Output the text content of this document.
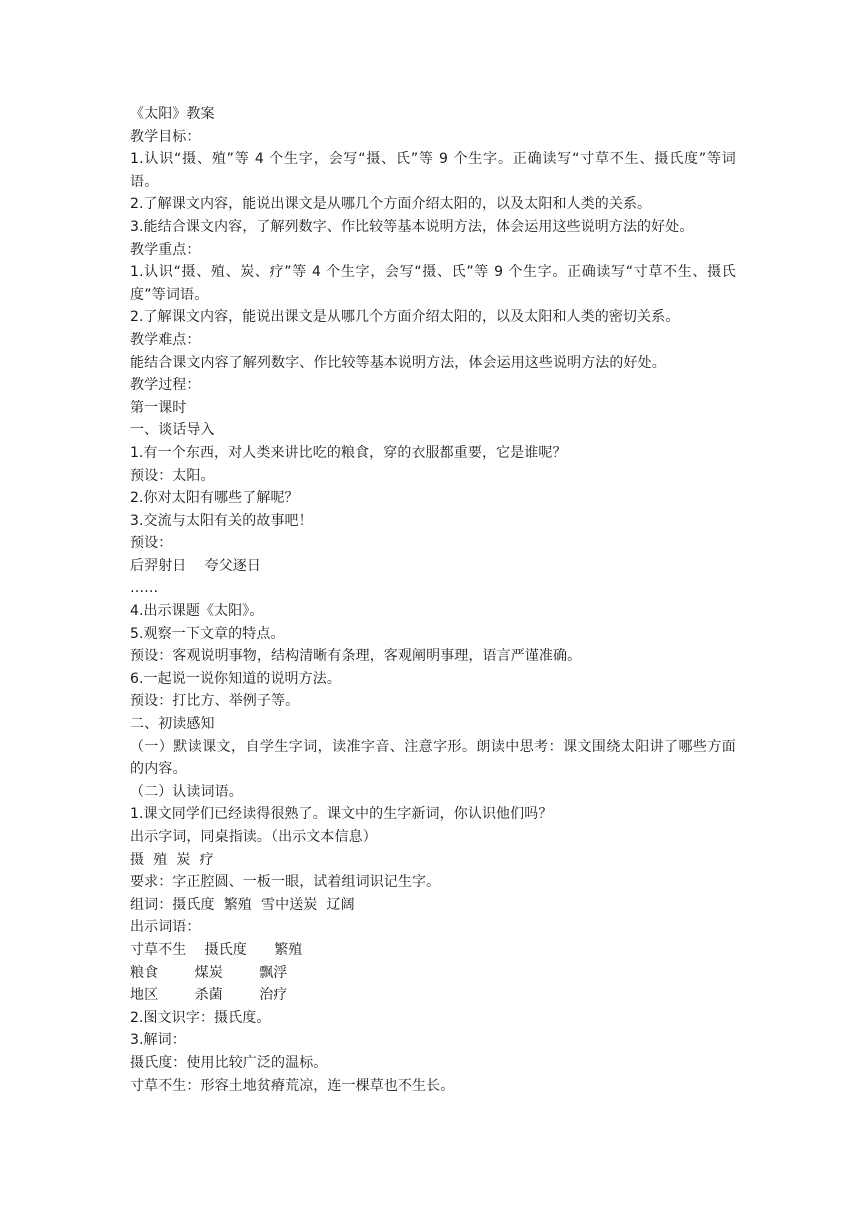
《太阳》教案
教学目标：
1.认识“摄、殖”等 4 个生字，会写“摄、氏”等 9 个生字。正确读写“寸草不生、摄氏度”等词语。
2.了解课文内容，能说出课文是从哪几个方面介绍太阳的，以及太阳和人类的关系。
3.能结合课文内容，了解列数字、作比较等基本说明方法，体会运用这些说明方法的好处。
教学重点：
1.认识“摄、殖、炭、疗”等 4 个生字，会写“摄、氏”等 9 个生字。正确读写“寸草不生、摄氏度”等词语。
2.了解课文内容，能说出课文是从哪几个方面介绍太阳的，以及太阳和人类的密切关系。
教学难点：
能结合课文内容了解列数字、作比较等基本说明方法，体会运用这些说明方法的好处。
教学过程：
第一课时
一、谈话导入
1.有一个东西，对人类来讲比吃的粮食，穿的衣服都重要，它是谁呢？
预设：太阳。
2.你对太阳有哪些了解呢？
3.交流与太阳有关的故事吧！
预设：
后羿射日    夸父逐日
……
4.出示课题《太阳》。
5.观察一下文章的特点。
预设：客观说明事物，结构清晰有条理，客观阐明事理，语言严谨准确。
6.一起说一说你知道的说明方法。
预设：打比方、举例子等。
二、初读感知
（一）默读课文，自学生字词，读准字音、注意字形。朗读中思考：课文围绕太阳讲了哪些方面的内容。
（二）认读词语。
1.课文同学们已经读得很熟了。课文中的生字新词，你认识他们吗？
出示字词，同桌指读。（出示文本信息）
摄  殖  炭  疗
要求：字正腔圆、一板一眼，试着组词识记生字。
组词：摄氏度  繁殖  雪中送炭  辽阔
出示词语：
寸草不生    摄氏度      繁殖
粮食        煤炭        飘浮
地区        杀菌        治疗
2.图文识字：摄氏度。
3.解词：
摄氏度：使用比较广泛的温标。
寸草不生：形容土地贫瘠荒凉，连一棵草也不生长。
